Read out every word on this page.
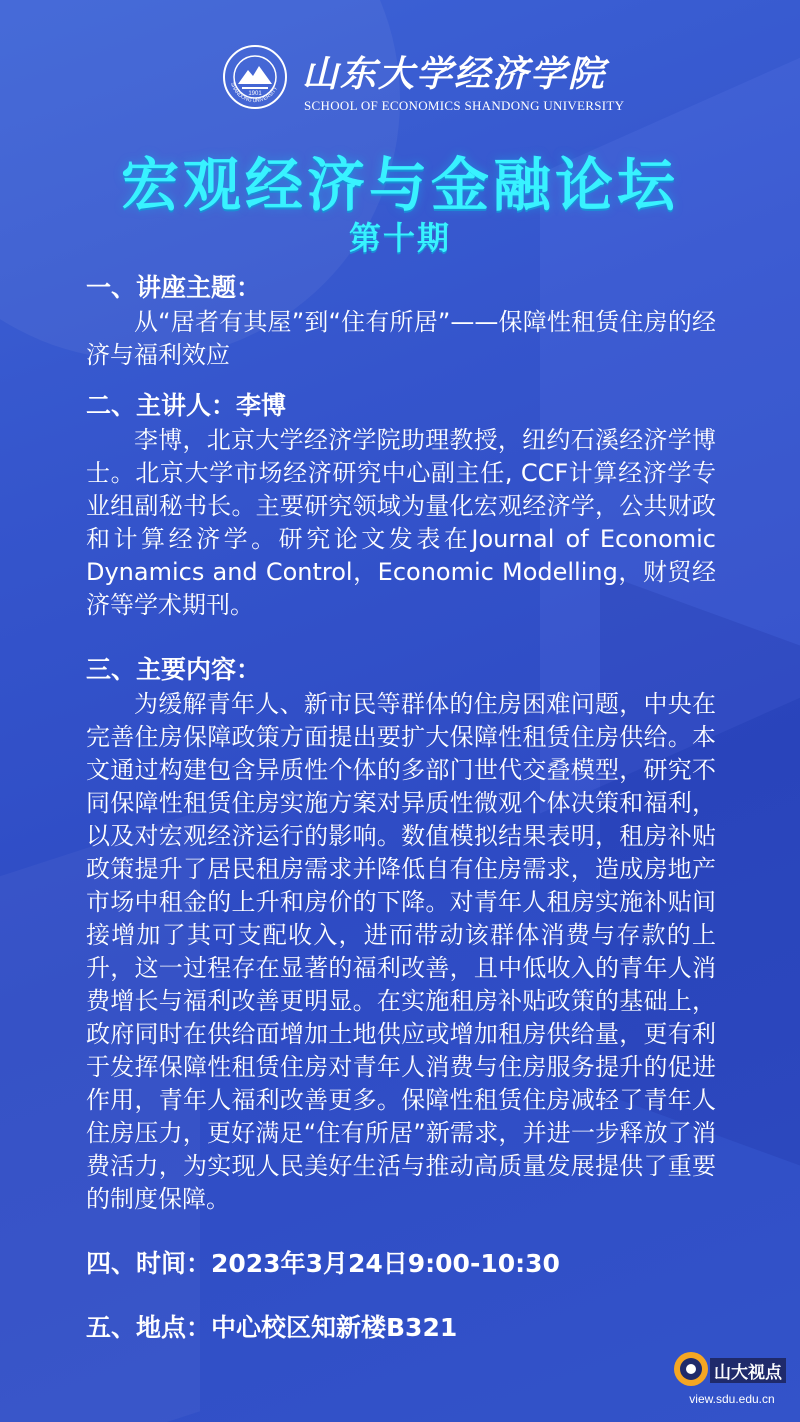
1901
SHANDONG UNIVERSITY 山东大学经济学院
SCHOOL OF ECONOMICS SHANDONG UNIVERSITY
宏观经济与金融论坛
第十期

一、讲座主题：

从“居者有其屋”到“住有所居”——保障性租赁住房的经济与福利效应

二、主讲人：李博

李博，北京大学经济学院助理教授，纽约石溪经济学博士。北京大学市场经济研究中心副主任, CCF计算经济学专业组副秘书长。主要研究领域为量化宏观经济学，公共财政和计算经济学。研究论文发表在Journal of Economic Dynamics and Control，Economic Modelling，财贸经济等学术期刊。

三、主要内容：

为缓解青年人、新市民等群体的住房困难问题，中央在完善住房保障政策方面提出要扩大保障性租赁住房供给。本文通过构建包含异质性个体的多部门世代交叠模型，研究不同保障性租赁住房实施方案对异质性微观个体决策和福利，以及对宏观经济运行的影响。数值模拟结果表明，租房补贴政策提升了居民租房需求并降低自有住房需求，造成房地产市场中租金的上升和房价的下降。对青年人租房实施补贴间接增加了其可支配收入，进而带动该群体消费与存款的上升，这一过程存在显著的福利改善，且中低收入的青年人消费增长与福利改善更明显。在实施租房补贴政策的基础上，政府同时在供给面增加土地供应或增加租房供给量，更有利于发挥保障性租赁住房对青年人消费与住房服务提升的促进作用，青年人福利改善更多。保障性租赁住房减轻了青年人住房压力，更好满足“住有所居”新需求，并进一步释放了消费活力，为实现人民美好生活与推动高质量发展提供了重要的制度保障。

四、时间：2023年3月24日9:00-10:30

五、地点：中心校区知新楼B321

山大视点
view.sdu.edu.cn
